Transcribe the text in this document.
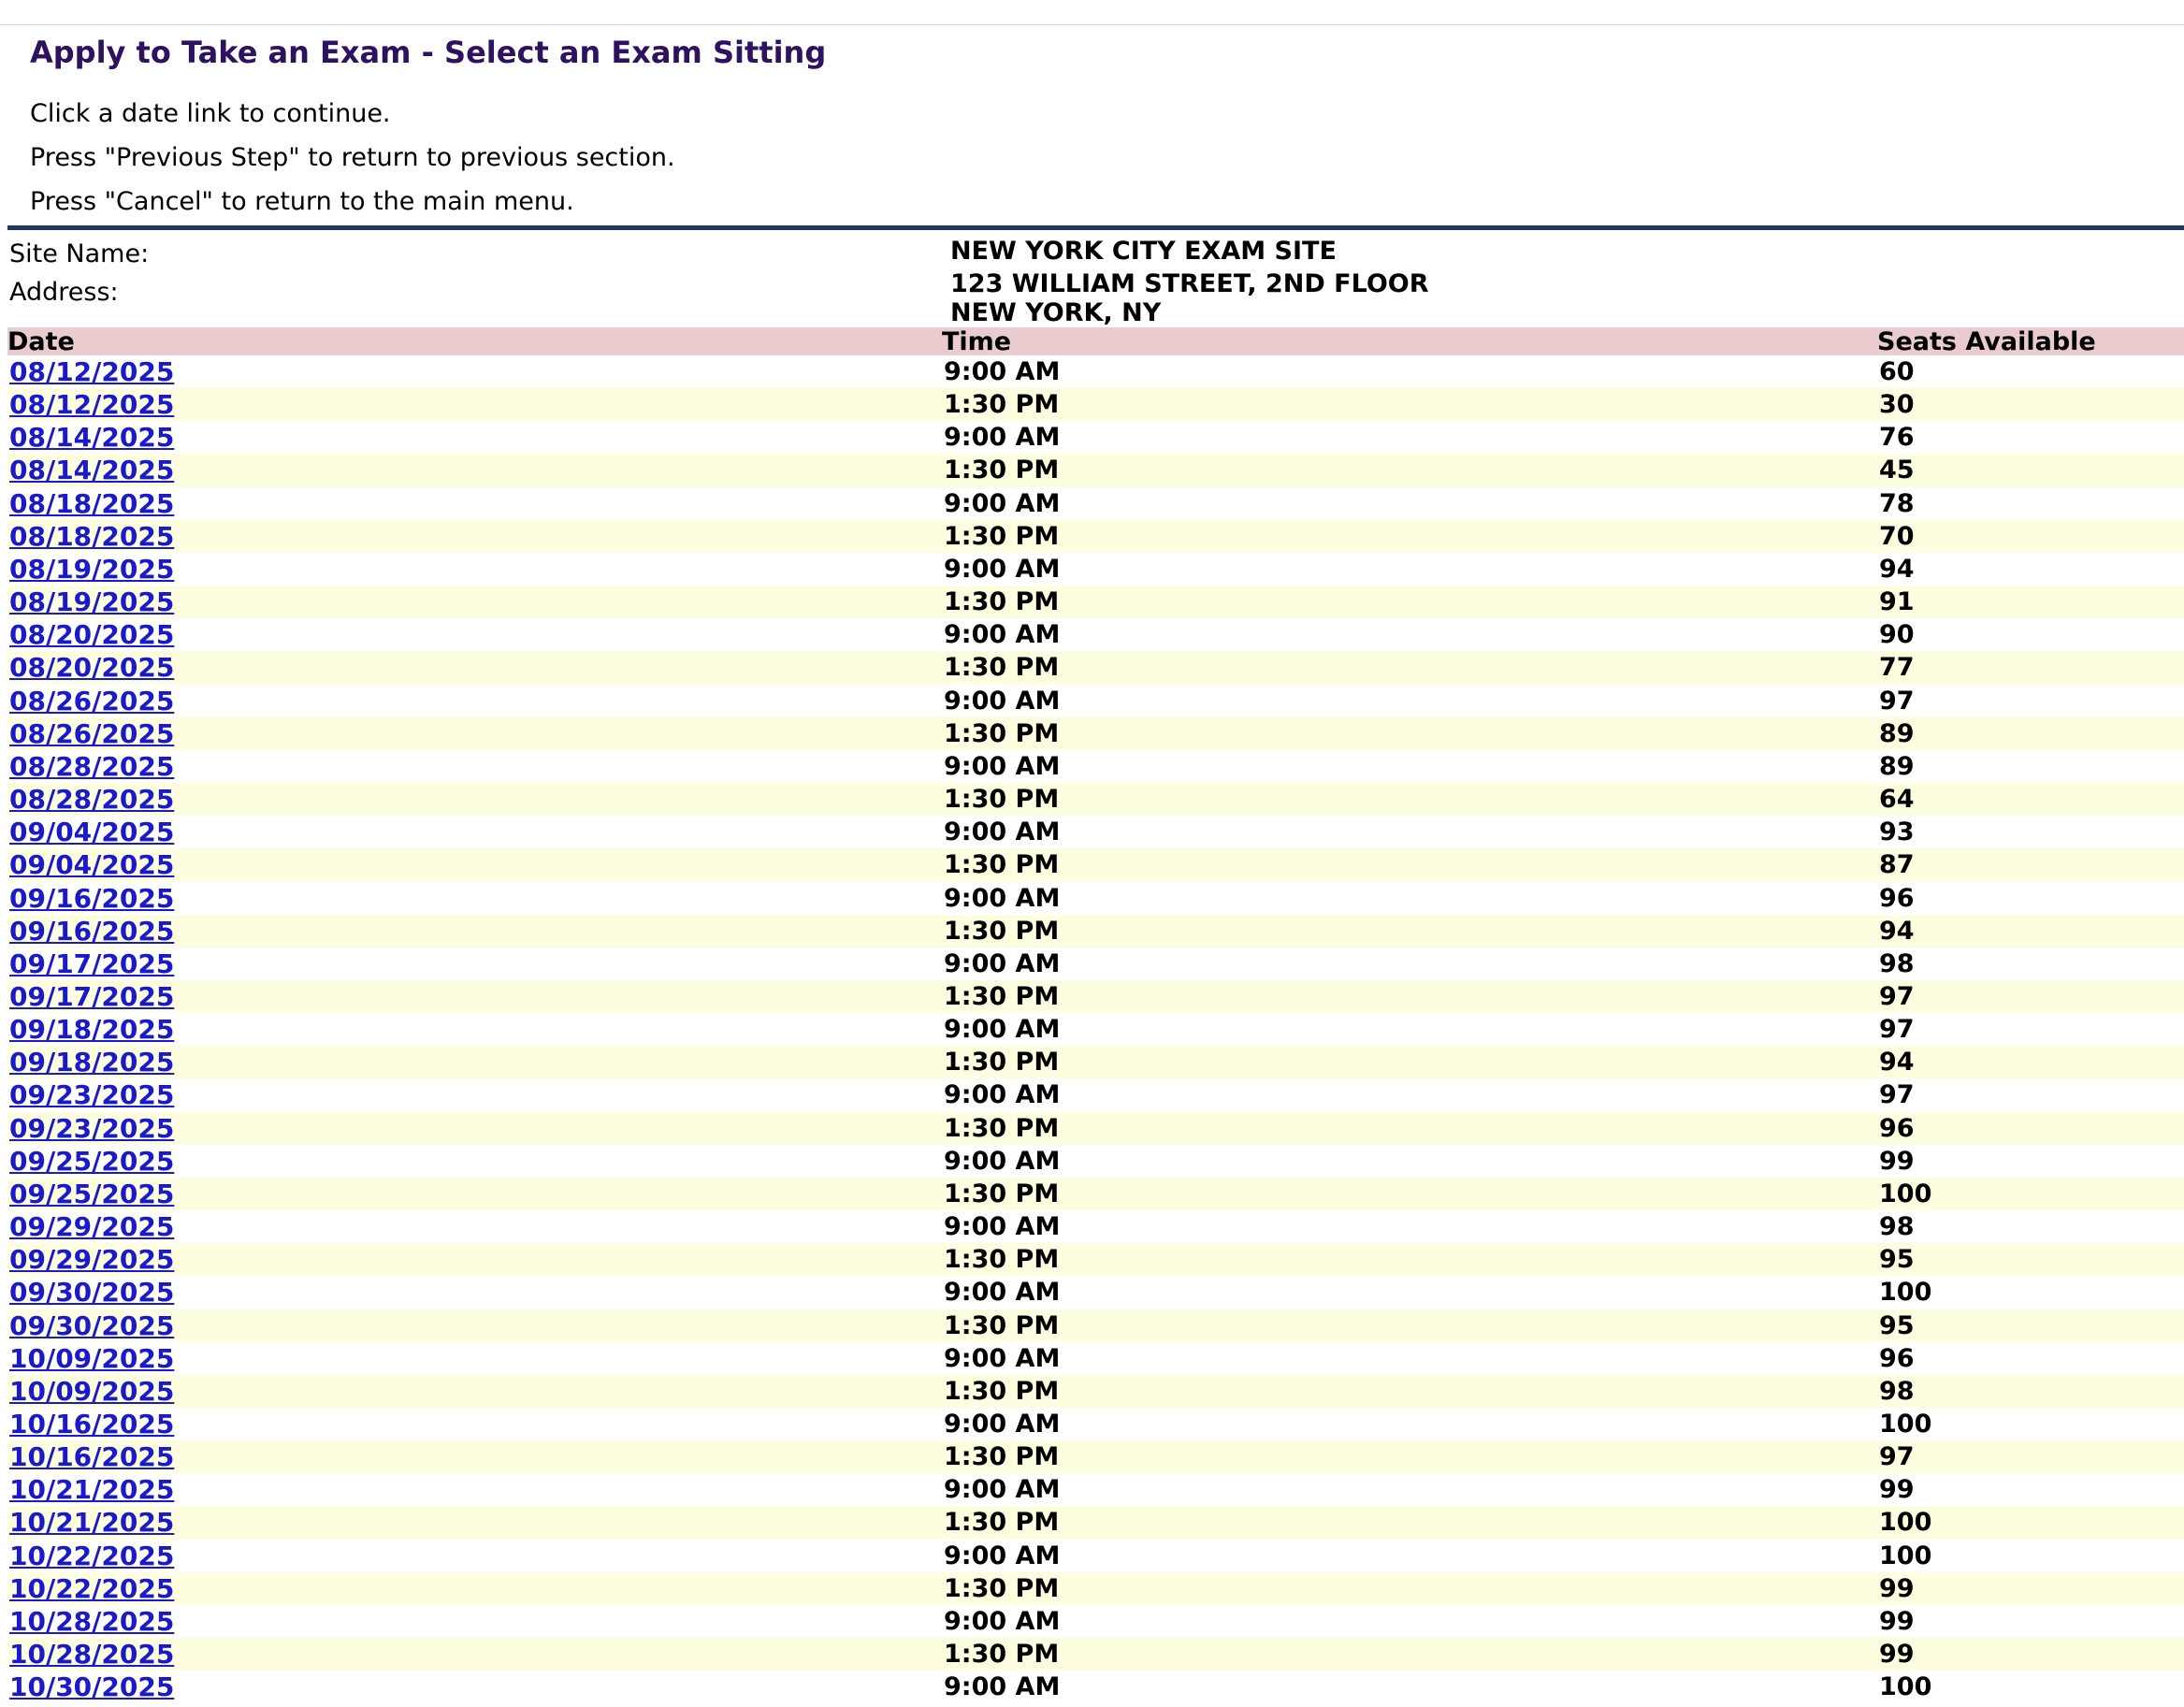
Apply to Take an Exam - Select an Exam Sitting
Click a date link to continue.
Press "Previous Step" to return to previous section.
Press "Cancel" to return to the main menu.
Site Name:	NEW YORK CITY EXAM SITE
Address:	123 WILLIAM STREET, 2ND FLOOR
NEW YORK, NY
Date	Time	Seats Available
08/12/2025	9:00 AM	60
08/12/2025	1:30 PM	30
08/14/2025	9:00 AM	76
08/14/2025	1:30 PM	45
08/18/2025	9:00 AM	78
08/18/2025	1:30 PM	70
08/19/2025	9:00 AM	94
08/19/2025	1:30 PM	91
08/20/2025	9:00 AM	90
08/20/2025	1:30 PM	77
08/26/2025	9:00 AM	97
08/26/2025	1:30 PM	89
08/28/2025	9:00 AM	89
08/28/2025	1:30 PM	64
09/04/2025	9:00 AM	93
09/04/2025	1:30 PM	87
09/16/2025	9:00 AM	96
09/16/2025	1:30 PM	94
09/17/2025	9:00 AM	98
09/17/2025	1:30 PM	97
09/18/2025	9:00 AM	97
09/18/2025	1:30 PM	94
09/23/2025	9:00 AM	97
09/23/2025	1:30 PM	96
09/25/2025	9:00 AM	99
09/25/2025	1:30 PM	100
09/29/2025	9:00 AM	98
09/29/2025	1:30 PM	95
09/30/2025	9:00 AM	100
09/30/2025	1:30 PM	95
10/09/2025	9:00 AM	96
10/09/2025	1:30 PM	98
10/16/2025	9:00 AM	100
10/16/2025	1:30 PM	97
10/21/2025	9:00 AM	99
10/21/2025	1:30 PM	100
10/22/2025	9:00 AM	100
10/22/2025	1:30 PM	99
10/28/2025	9:00 AM	99
10/28/2025	1:30 PM	99
10/30/2025	9:00 AM	100
